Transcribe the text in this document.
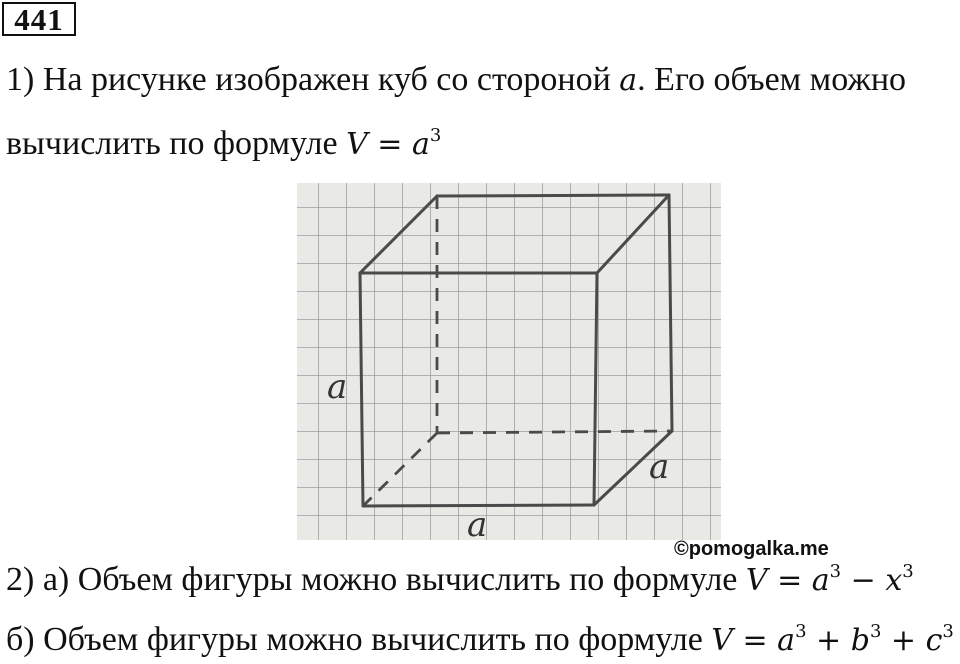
441
1) На рисунке изображен куб со стороной a. Его объем можно
вычислить по формуле $V = a^3$
a
a
a
©pomogalka.me
2) а) Объем фигуры можно вычислить по формуле $V = a^3 - x^3$
б) Объем фигуры можно вычислить по формуле $V = a^3 + b^3 + c^3$
